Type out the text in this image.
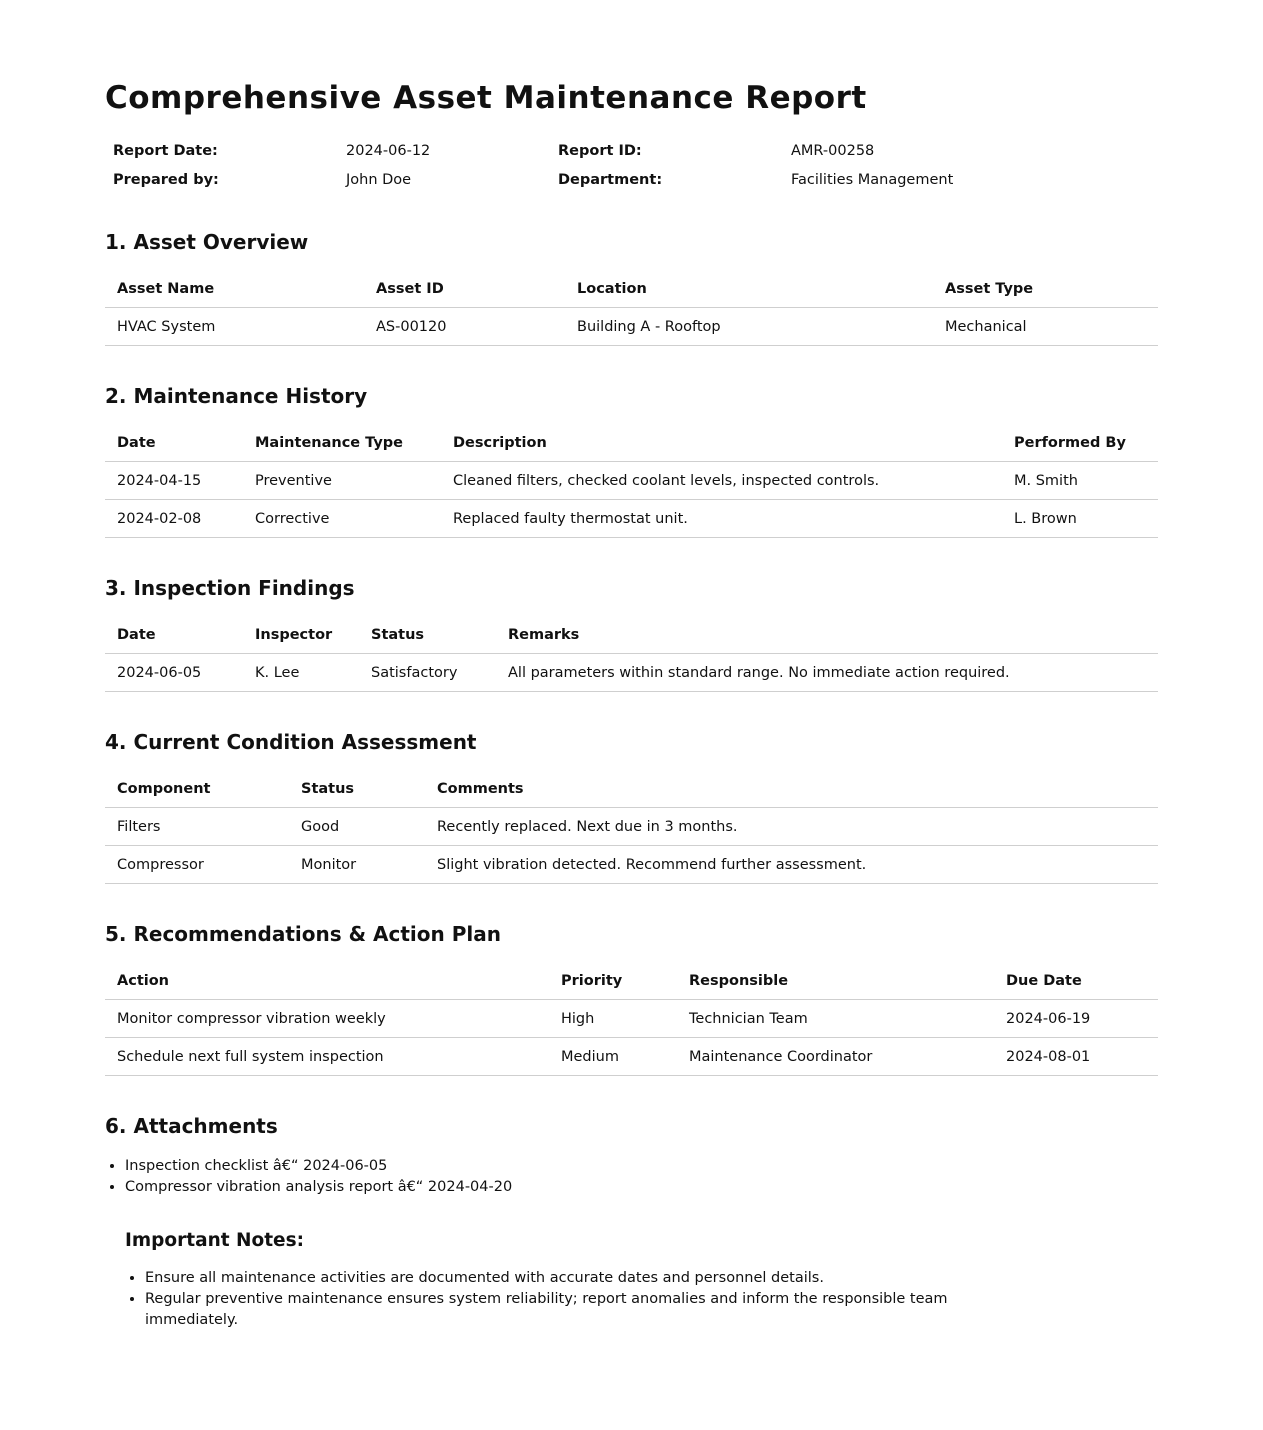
Comprehensive Asset Maintenance Report
Report Date:	2024-06-12	Report ID:	AMR-00258
Prepared by:	John Doe	Department:	Facilities Management
1. Asset Overview
Asset Name	Asset ID	Location	Asset Type
HVAC System	AS-00120	Building A - Rooftop	Mechanical
2. Maintenance History
Date	Maintenance Type	Description	Performed By
2024-04-15	Preventive	Cleaned filters, checked coolant levels, inspected controls.	M. Smith
2024-02-08	Corrective	Replaced faulty thermostat unit.	L. Brown
3. Inspection Findings
Date	Inspector	Status	Remarks
2024-06-05	K. Lee	Satisfactory	All parameters within standard range. No immediate action required.
4. Current Condition Assessment
Component	Status	Comments
Filters	Good	Recently replaced. Next due in 3 months.
Compressor	Monitor	Slight vibration detected. Recommend further assessment.
5. Recommendations & Action Plan
Action	Priority	Responsible	Due Date
Monitor compressor vibration weekly	High	Technician Team	2024-06-19
Schedule next full system inspection	Medium	Maintenance Coordinator	2024-08-01
6. Attachments
• Inspection checklist â€“ 2024-06-05
• Compressor vibration analysis report â€“ 2024-04-20
Important Notes:
• Ensure all maintenance activities are documented with accurate dates and personnel details.
• Regular preventive maintenance ensures system reliability; report anomalies and inform the responsible team immediately.
